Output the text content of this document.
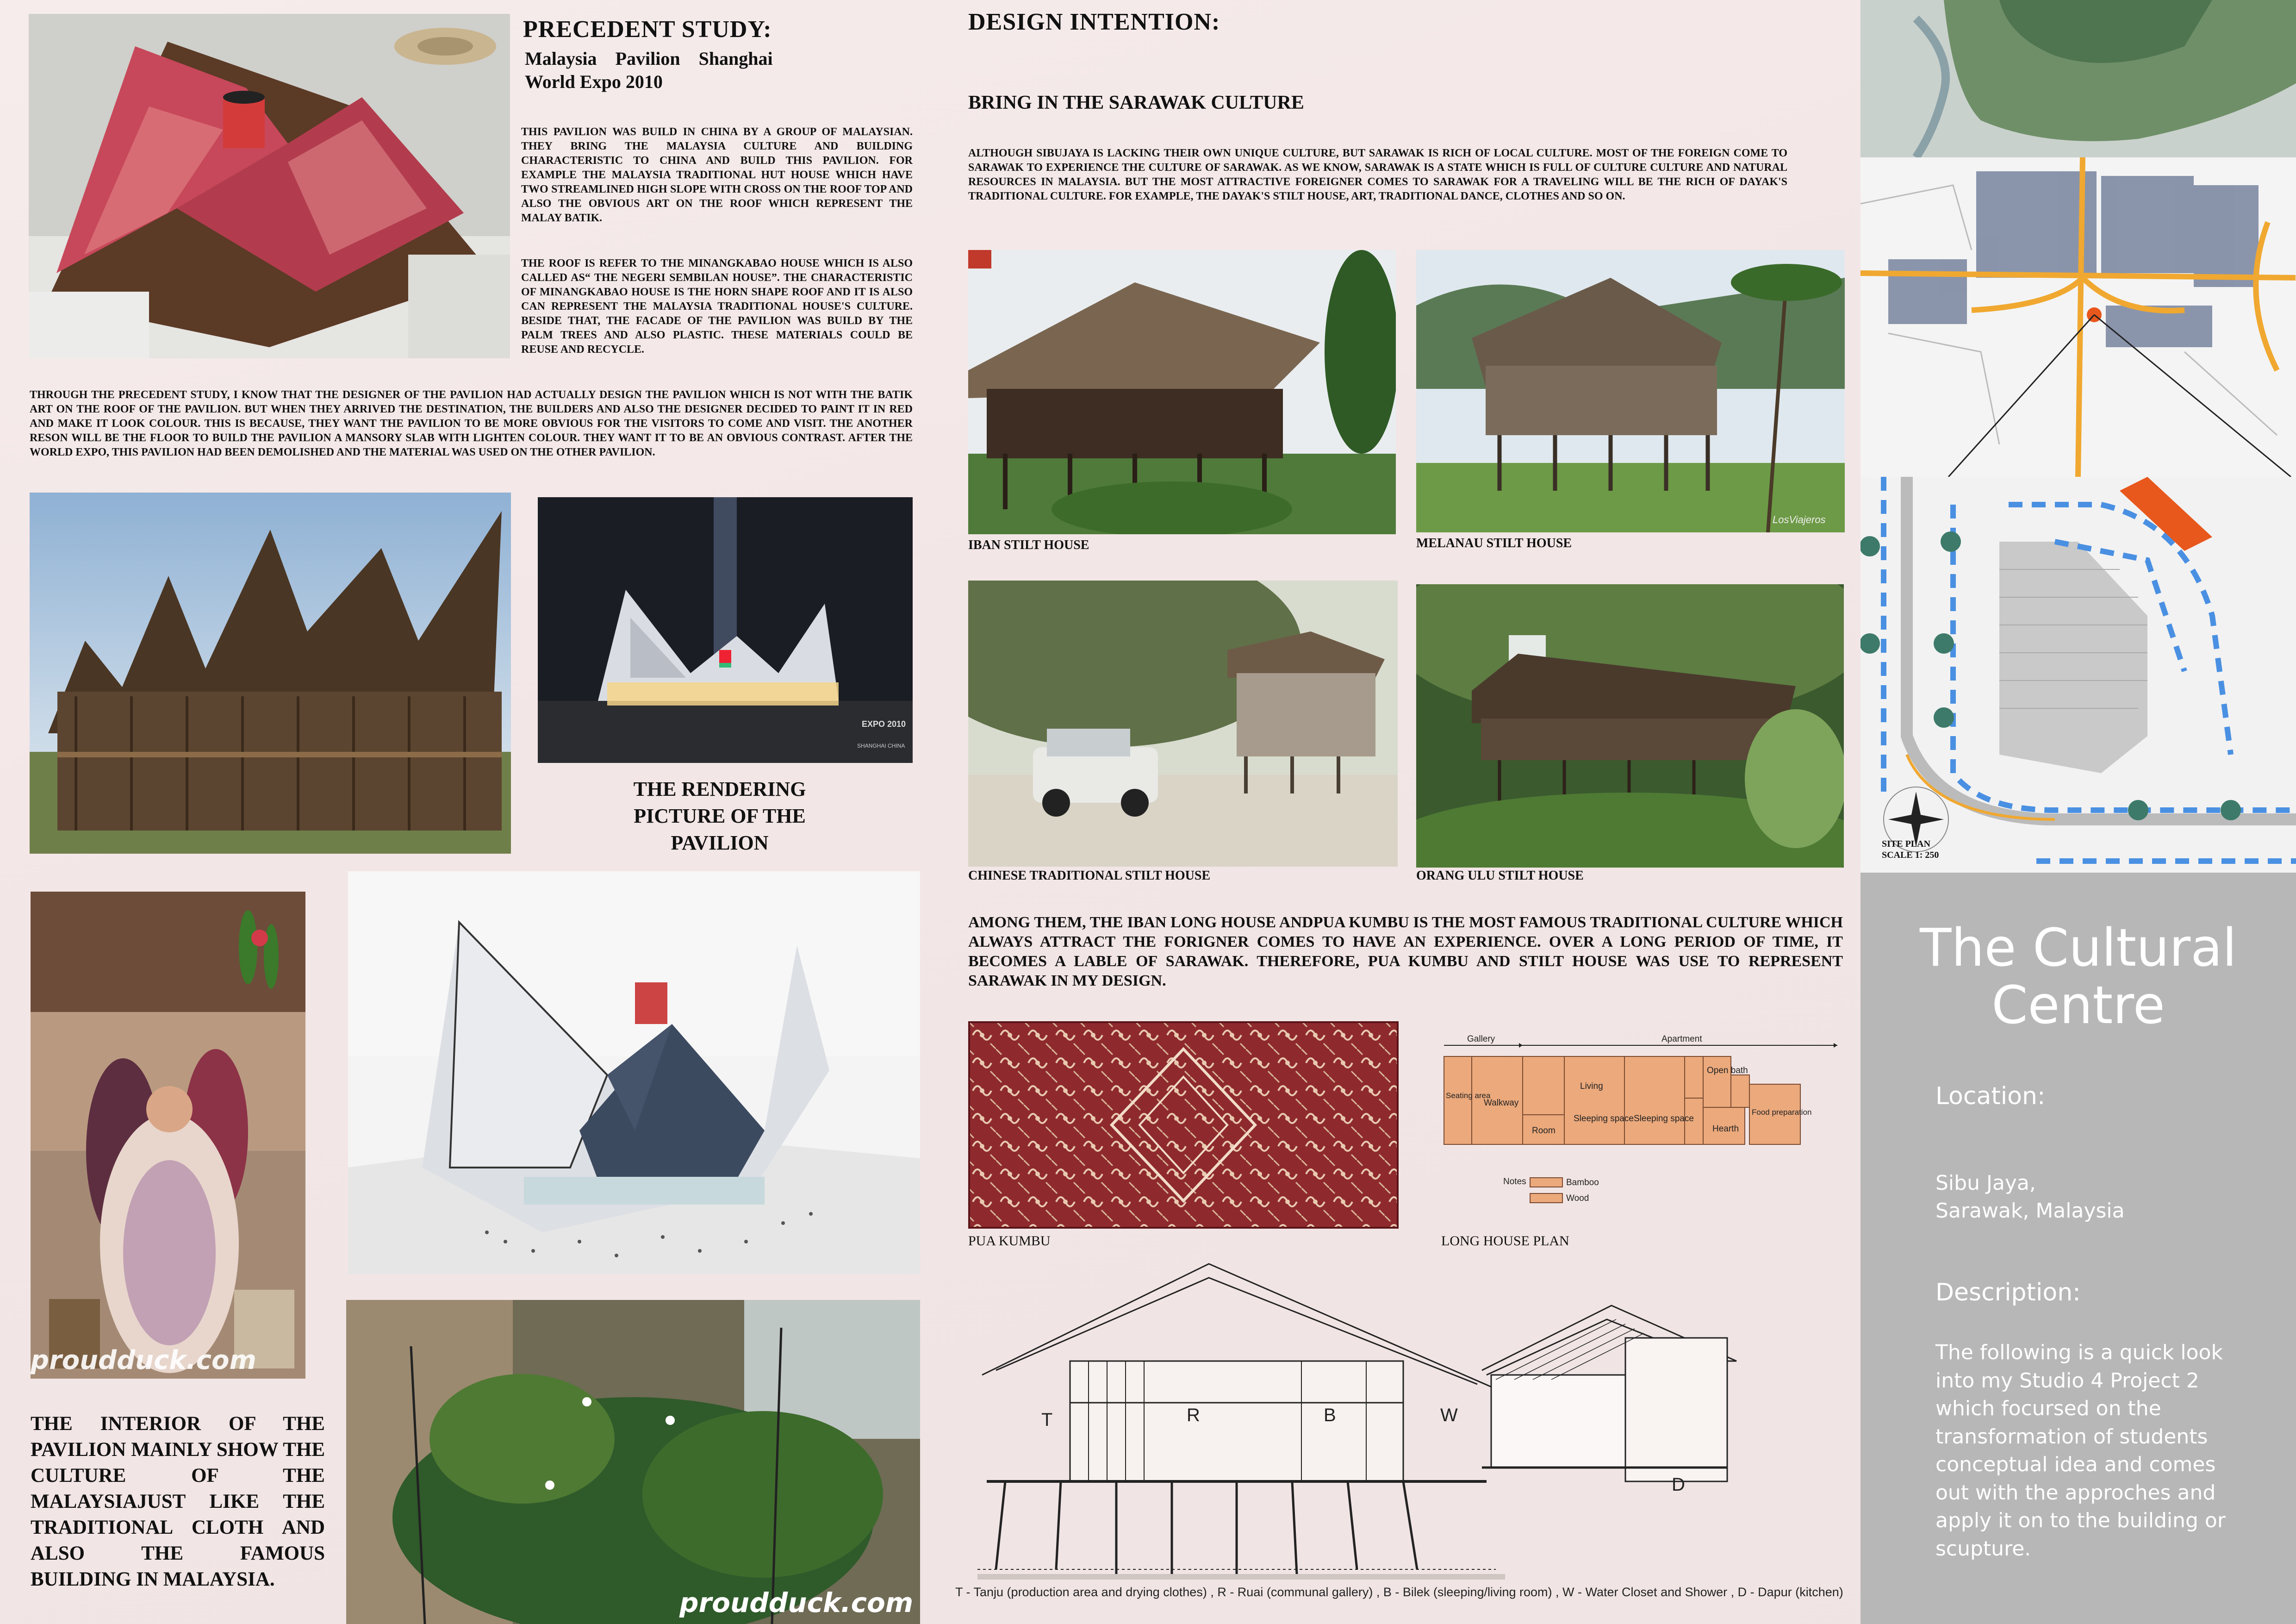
PRECEDENT STUDY:
Malaysia Pavilion Shanghai
World Expo 2010
THIS PAVILION WAS BUILD IN CHINA BY A GROUP OF MALAYSIAN. THEY BRING THE MALAYSIA CULTURE AND BUILDING CHARACTERISTIC TO CHINA AND BUILD THIS PAVILION. FOR EXAMPLE THE MALAYSIA TRADITIONAL HUT HOUSE WHICH HAVE TWO STREAMLINED HIGH SLOPE WITH CROSS ON THE ROOF TOP AND ALSO THE OBVIOUS ART ON THE ROOF WHICH REPRESENT THE MALAY BATIK.
THE ROOF IS REFER TO THE MINANGKABAO HOUSE WHICH IS ALSO CALLED AS“ THE NEGERI SEMBILAN HOUSE”. THE CHARACTERISTIC OF MINANGKABAO HOUSE IS THE HORN SHAPE ROOF AND IT IS ALSO CAN REPRESENT THE MALAYSIA TRADITIONAL HOUSE'S CULTURE. BESIDE THAT, THE FACADE OF THE PAVILION WAS BUILD BY THE PALM TREES AND ALSO PLASTIC. THESE MATERIALS COULD BE REUSE AND RECYCLE.
THROUGH THE PRECEDENT STUDY, I KNOW THAT THE DESIGNER OF THE PAVILION HAD ACTUALLY DESIGN THE PAVILION WHICH IS NOT WITH THE BATIK ART ON THE ROOF OF THE PAVILION. BUT WHEN THEY ARRIVED THE DESTINATION, THE BUILDERS AND ALSO THE DESIGNER DECIDED TO PAINT IT IN RED AND MAKE IT LOOK COLOUR. THIS IS BECAUSE, THEY WANT THE PAVILION TO BE MORE OBVIOUS FOR THE VISITORS TO COME AND VISIT. THE ANOTHER RESON WILL BE THE FLOOR TO BUILD THE PAVILION A MANSORY SLAB WITH LIGHTEN COLOUR. THEY WANT IT TO BE AN OBVIOUS CONTRAST. AFTER THE WORLD EXPO, THIS PAVILION HAD BEEN DEMOLISHED AND THE MATERIAL WAS USED ON THE OTHER PAVILION.
EXPO 2010
SHANGHAI CHINA
THE RENDERING PICTURE OF THE PAVILION
proudduck.com
proudduck.com
THE INTERIOR OF THE PAVILION MAINLY SHOW THE CULTURE OF THE MALAYSIAJUST LIKE THE TRADITIONAL CLOTH AND ALSO THE FAMOUS BUILDING IN MALAYSIA.
DESIGN INTENTION:
BRING IN THE SARAWAK CULTURE
ALTHOUGH SIBUJAYA IS LACKING THEIR OWN UNIQUE CULTURE, BUT SARAWAK IS RICH OF LOCAL CULTURE. MOST OF THE FOREIGN COME TO SARAWAK TO EXPERIENCE THE CULTURE OF SARAWAK. AS WE KNOW, SARAWAK IS A STATE WHICH IS FULL OF CULTURE CULTURE AND NATURAL RESOURCES IN MALAYSIA. BUT THE MOST ATTRACTIVE FOREIGNER COMES TO SARAWAK FOR A TRAVELING WILL BE THE RICH OF DAYAK'S TRADITIONAL CULTURE. FOR EXAMPLE, THE DAYAK'S STILT HOUSE, ART, TRADITIONAL DANCE, CLOTHES AND SO ON.
IBAN STILT HOUSE
LosViajeros
MELANAU STILT HOUSE
CHINESE TRADITIONAL STILT HOUSE	ORANG ULU STILT HOUSE
AMONG THEM, THE IBAN LONG HOUSE ANDPUA KUMBU IS THE MOST FAMOUS TRADITIONAL CULTURE WHICH ALWAYS ATTRACT THE FORIGNER COMES TO HAVE AN EXPERIENCE. OVER A LONG PERIOD OF TIME, IT BECOMES A LABLE OF SARAWAK. THEREFORE, PUA KUMBU AND STILT HOUSE WAS USE TO REPRESENT SARAWAK IN MY DESIGN.
PUA KUMBU
Gallery	Apartment
Seating area
Walkway
Room
Living
Sleeping space Sleeping space
Open bath
Hearth
Food preparation
Notes	Bamboo
Wood
LONG HOUSE PLAN
T	R	B	W
D
T - Tanju (production area and drying clothes) , R - Ruai (communal gallery) , B - Bilek (sleeping/living room) , W - Water Closet and Shower , D - Dapur (kitchen)
SITE PLAN
SCALE 1: 250
The Cultural
Centre
Location:
Sibu Jaya,
Sarawak, Malaysia
Description:
The following is a quick look into my Studio 4 Project 2 which focursed on the transformation of students conceptual idea and comes out with the approches and apply it on to the building or scupture.
